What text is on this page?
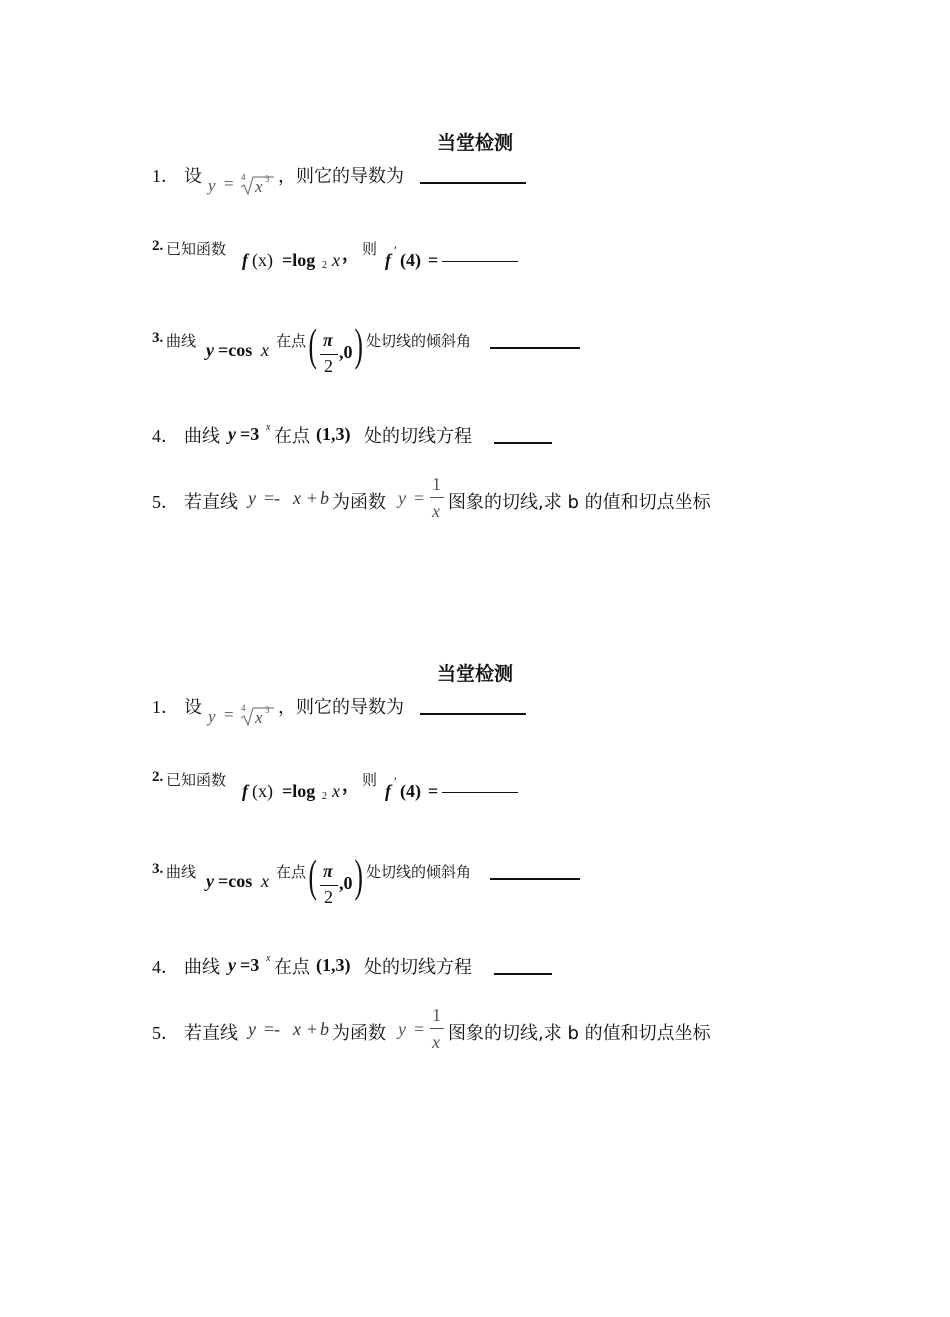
当堂检测
1． 设 y = 4 x 3 ，则它的导数为
2. 已知函数
f (x) =log 2 x ， 则
f ′ (4) =
3. 曲线 y =cos x 在点 ( π
2
,0 ) 处切线的倾斜角
4． 曲线 y =3 x 在点 (1,3) 处的切线方程
5． 若直线 y =- x + b 为函数 y =
1
x 图象的切线,求 b 的值和切点坐标
当堂检测
1． 设 y = 4 x 3 ，则它的导数为
2. 已知函数
f (x) =log 2 x ， 则
f ′ (4) =
3. 曲线 y =cos x 在点 ( π
2
,0 ) 处切线的倾斜角
4． 曲线 y =3 x 在点 (1,3) 处的切线方程
5． 若直线 y =- x + b 为函数 y =
1
x 图象的切线,求 b 的值和切点坐标
